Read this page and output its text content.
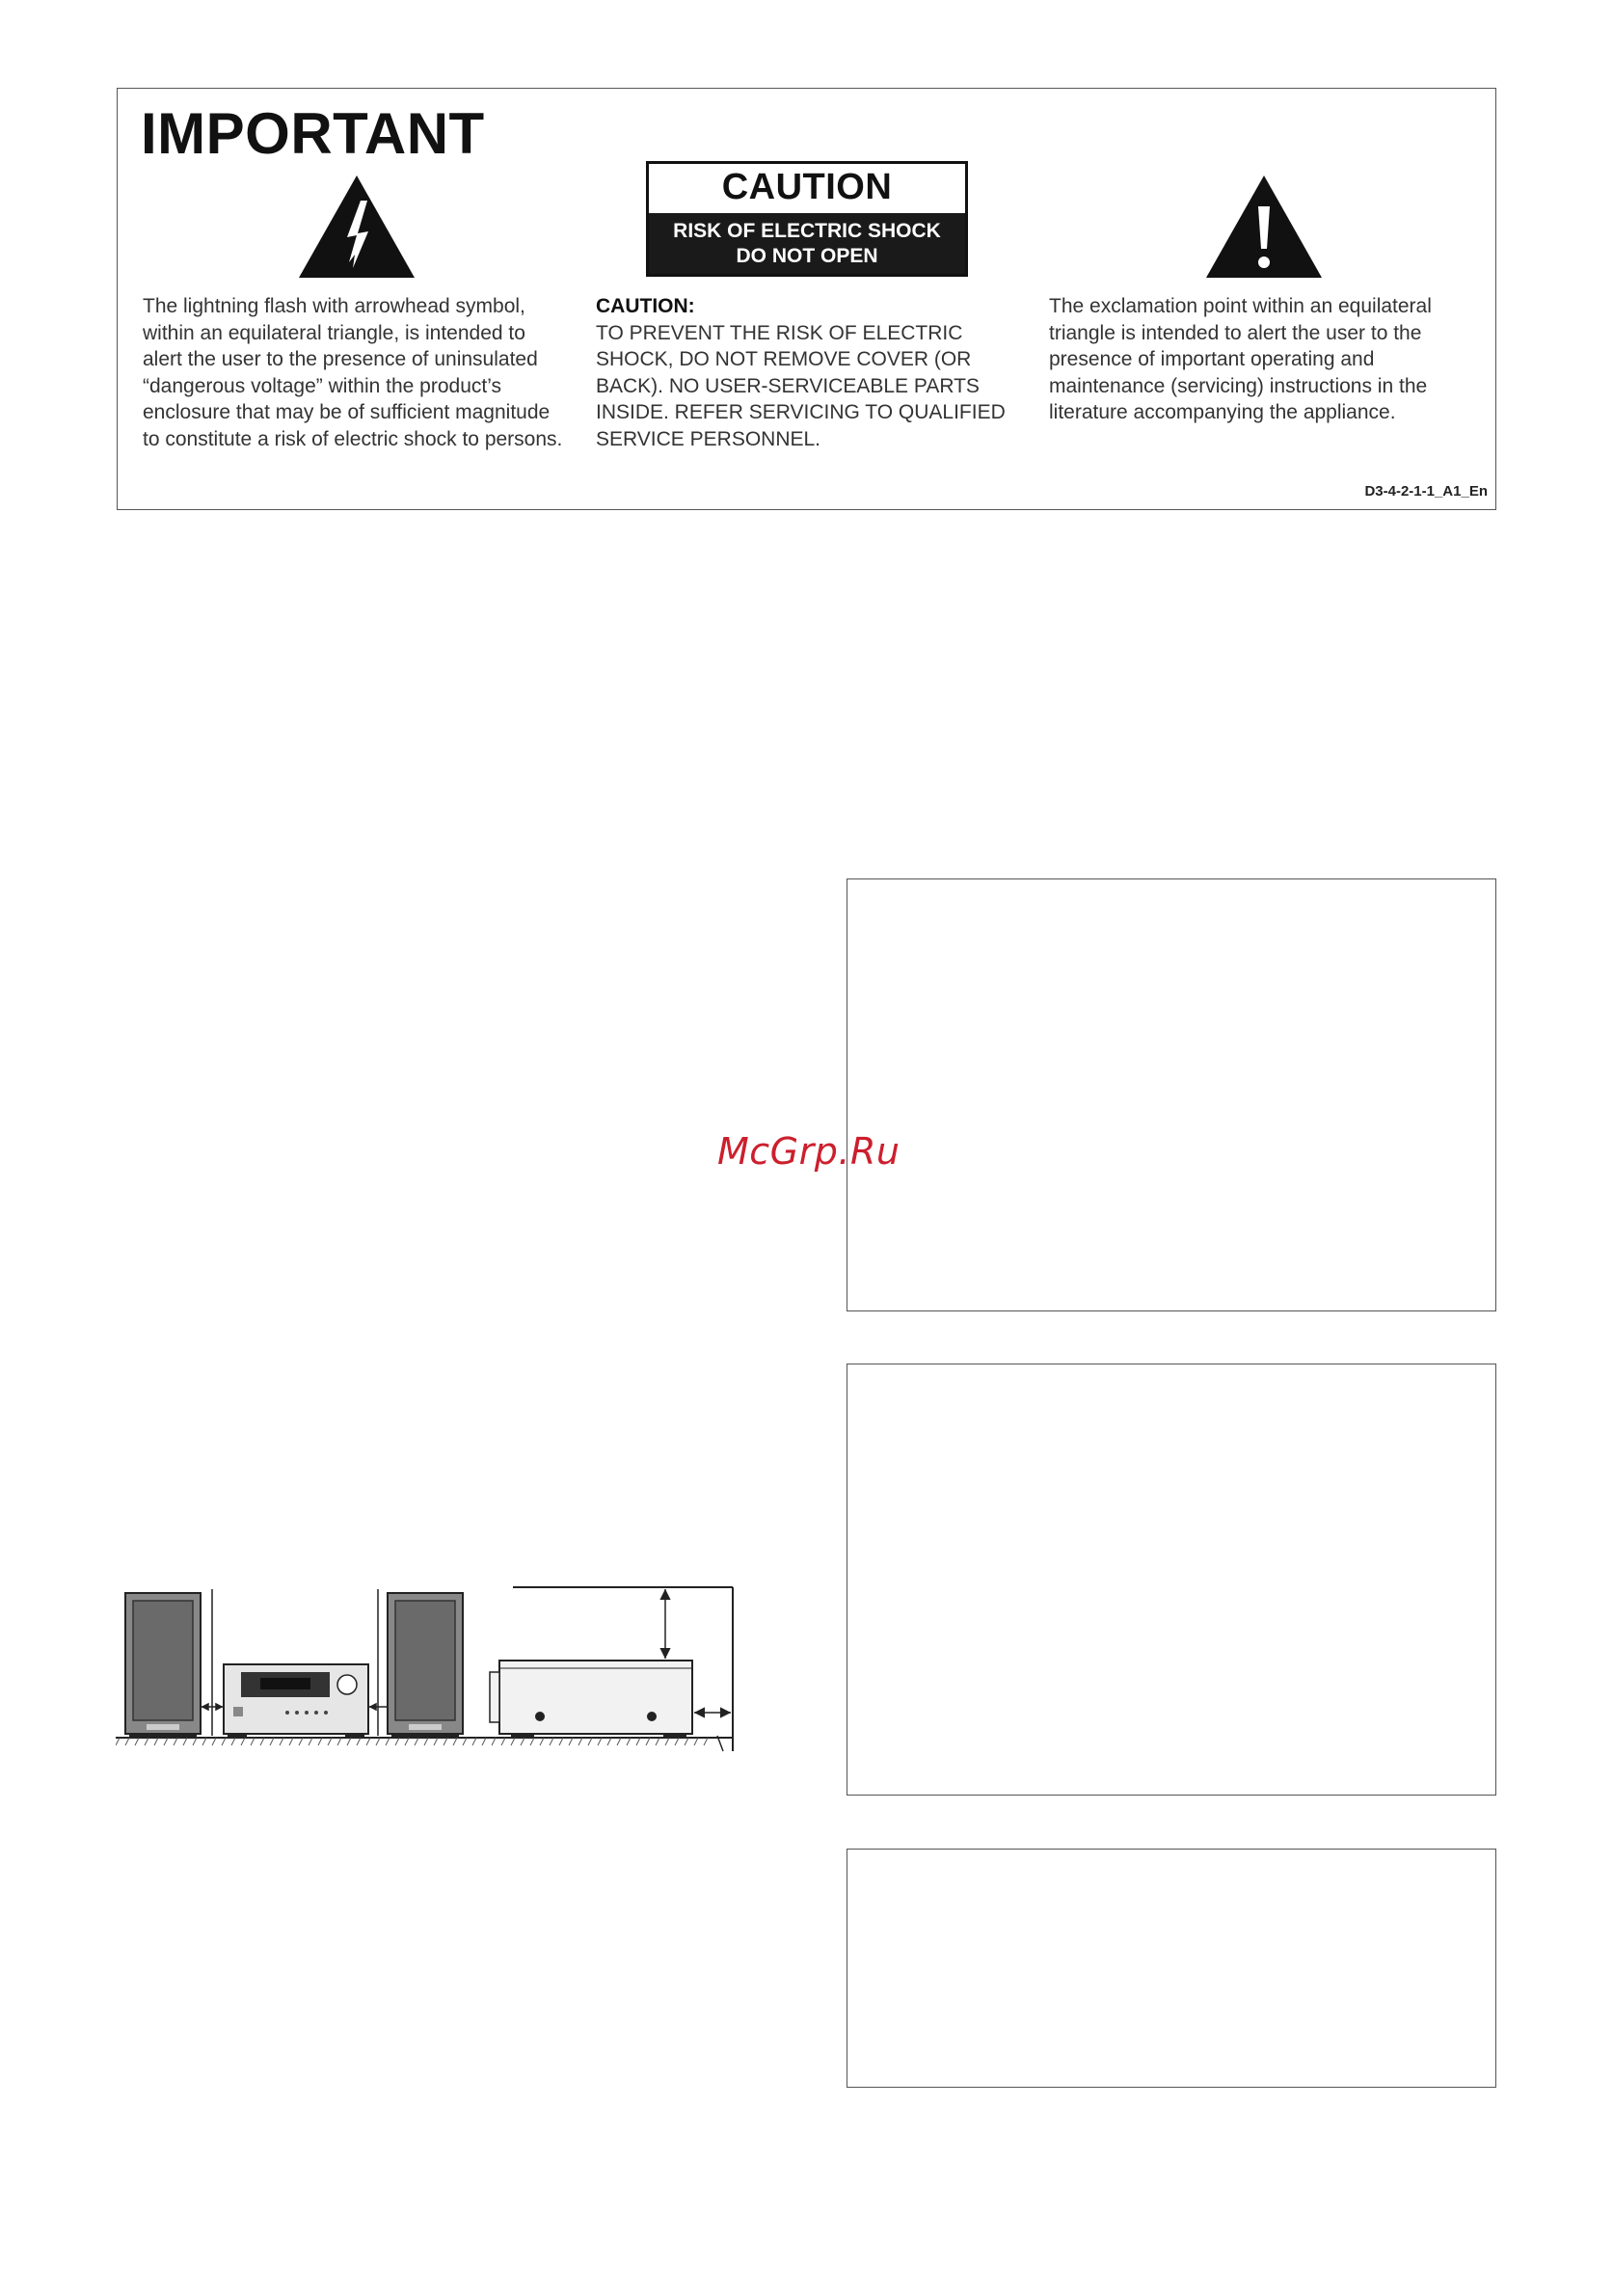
IMPORTANT
CAUTION
RISK OF ELECTRIC SHOCK
DO NOT OPEN

The lightning flash with arrowhead symbol, within an equilateral triangle, is intended to alert the user to the presence of uninsulated “dangerous voltage” within the product’s enclosure that may be of sufficient magnitude to constitute a risk of electric shock to persons.

CAUTION:
TO PREVENT THE RISK OF ELECTRIC SHOCK, DO NOT REMOVE COVER (OR BACK). NO USER-SERVICEABLE PARTS INSIDE. REFER SERVICING TO QUALIFIED SERVICE PERSONNEL.

The exclamation point within an equilateral triangle is intended to alert the user to the presence of important operating and maintenance (servicing) instructions in the literature accompanying the appliance.

D3-4-2-1-1_A1_En
McGrp.Ru
